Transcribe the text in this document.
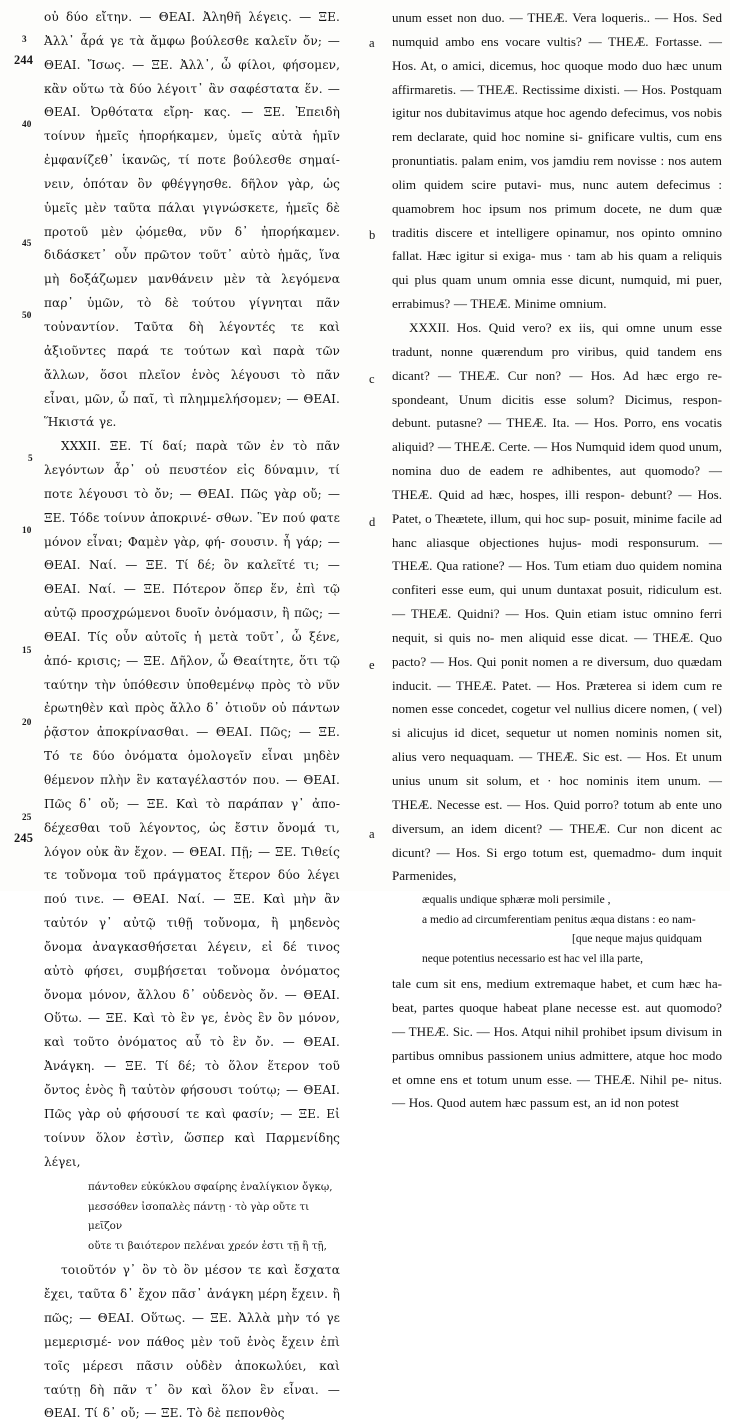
οὐ δύο εἴτην. — ΘΕΑΙ. Ἀληθῆ λέγεις. — ΞΕ. Ἀλλ᾽ ἆρά γε τὰ ἄμφω βούλεσθε καλεῖν ὄν; — ΘΕΑΙ. Ἴσως. — ΞΕ. Ἀλλ᾽, ὦ φίλοι, φήσομεν, κἂν οὕτω τὰ δύο λέγοιτ᾽ ἂν σαφέστατα ἕν. — ΘΕΑΙ. Ὀρθότατα εἴρη- κας. — ΞΕ. Ἐπειδὴ τοίνυν ἡμεῖς ἠπορήκαμεν, ὑμεῖς αὐτὰ ἡμῖν ἐμφανίζεθ᾽ ἱκανῶς, τί ποτε βούλεσθε σημαί- νειν, ὁπόταν ὂν φθέγγησθε. δῆλον γὰρ, ὡς ὑμεῖς μὲν ταῦτα πάλαι γιγνώσκετε, ἡμεῖς δὲ προτοῦ μὲν ᾠόμεθα, νῦν δ᾽ ἠπορήκαμεν. διδάσκετ᾽ οὖν πρῶτον τοῦτ᾽ αὐτὸ ἡμᾶς, ἵνα μὴ δοξάζωμεν μανθάνειν μὲν τὰ λεγόμενα παρ᾽ ὑμῶν, τὸ δὲ τούτου γίγνηται πᾶν τοὐναντίον. Ταῦτα δὴ λέγοντές τε καὶ ἀξιοῦντες παρά τε τούτων καὶ παρὰ τῶν ἄλλων, ὅσοι πλεῖον ἑνὸς λέγουσι τὸ πᾶν εἶναι, μῶν, ὦ παῖ, τὶ πλημμελήσομεν; — ΘΕΑΙ. Ἥκιστά γε.

XXXII. ΞΕ. Τί δαί; παρὰ τῶν ἐν τὸ πᾶν λεγόντων ἆρ᾽ οὐ πευστέον εἰς δύναμιν, τί ποτε λέγουσι τὸ ὄν; — ΘΕΑΙ. Πῶς γὰρ οὔ; — ΞΕ. Τόδε τοίνυν ἀποκρινέ- σθων. Ἓν πού φατε μόνον εἶναι; Φαμὲν γὰρ, φή- σουσιν. ἦ γάρ; — ΘΕΑΙ. Ναί. — ΞΕ. Τί δέ; ὂν καλεῖτέ τι; — ΘΕΑΙ. Ναί. — ΞΕ. Πότερον ὅπερ ἕν, ἐπὶ τῷ αὐτῷ προσχρώμενοι δυοῖν ὀνόμασιν, ἢ πῶς; — ΘΕΑΙ. Τίς οὖν αὐτοῖς ἡ μετὰ τοῦτ᾽, ὦ ξένε, ἀπό- κρισις; — ΞΕ. Δῆλον, ὦ Θεαίτητε, ὅτι τῷ ταύτην τὴν ὑπόθεσιν ὑποθεμένῳ πρὸς τὸ νῦν ἐρωτηθὲν καὶ πρὸς ἄλλο δ᾽ ὁτιοῦν οὐ πάντων ῥᾷστον ἀποκρίνασθαι. — ΘΕΑΙ. Πῶς; — ΞΕ. Τό τε δύο ὀνόματα ὁμολογεῖν εἶναι μηδὲν θέμενον πλὴν ἓν καταγέλαστόν που. — ΘΕΑΙ. Πῶς δ᾽ οὔ; — ΞΕ. Καὶ τὸ παράπαν γ᾽ ἀπο- δέχεσθαι τοῦ λέγοντος, ὡς ἔστιν ὄνομά τι, λόγον οὐκ ἂν ἔχον. — ΘΕΑΙ. Πῇ; — ΞΕ. Τιθείς τε τοὔνομα τοῦ πράγματος ἕτερον δύο λέγει πού τινε. — ΘΕΑΙ. Ναί. — ΞΕ. Καὶ μὴν ἂν ταὐτόν γ᾽ αὐτῷ τιθῇ τοὔνομα, ἢ μηδενὸς ὄνομα ἀναγκασθήσεται λέγειν, εἰ δέ τινος αὐτὸ φήσει, συμβήσεται τοὔνομα ὀνόματος ὄνομα μόνον, ἄλλου δ᾽ οὐδενὸς ὄν. — ΘΕΑΙ. Οὕτω. — ΞΕ. Καὶ τὸ ἓν γε, ἑνὸς ἓν ὂν μόνον, καὶ τοῦτο ὀνόματος αὖ τὸ ἓν ὄν. — ΘΕΑΙ. Ἀνάγκη. — ΞΕ. Τί δέ; τὸ ὅλον ἕτερον τοῦ ὄντος ἑνὸς ἢ ταὐτὸν φήσουσι τούτῳ; — ΘΕΑΙ. Πῶς γὰρ οὐ φήσουσί τε καὶ φασίν; — ΞΕ. Εἰ τοίνυν ὅλον ἐστὶν, ὥσπερ καὶ Παρμενίδης λέγει,

πάντοθεν εὐκύκλου σφαίρης ἐναλίγκιον ὄγκῳ,
μεσσόθεν ἰσοπαλὲς πάντῃ · τὸ γὰρ οὔτε τι μεῖζον
οὔτε τι βαιότερον πελέναι χρεόν ἐστι τῇ ἢ τῇ,

τοιοῦτόν γ᾽ ὂν τὸ ὂν μέσον τε καὶ ἔσχατα ἔχει, ταῦτα δ᾽ ἔχον πᾶσ᾽ ἀνάγκη μέρη ἔχειν. ἢ πῶς; — ΘΕΑΙ. Οὕτως. — ΞΕ. Ἀλλὰ μὴν τό γε μεμερισμέ- νον πάθος μὲν τοῦ ἑνὸς ἔχειν ἐπὶ τοῖς μέρεσι πᾶσιν οὐδὲν ἀποκωλύει, καὶ ταύτῃ δὴ πᾶν τ᾽ ὂν καὶ ὅλον ἓν εἶναι. — ΘΕΑΙ. Τί δ᾽ οὔ; — ΞΕ. Τὸ δὲ πεπονθὸς

unum esset non duo. — THEÆ. Vera loqueris.. — Hos. Sed numquid ambo ens vocare vultis? — THEÆ. Fortasse. — Hos. At, o amici, dicemus, hoc quoque modo duo hæc unum affirmaretis. — THEÆ. Rectissime dixisti. — Hos. Postquam igitur nos dubitavimus atque hoc agendo defecimus, vos nobis rem declarate, quid hoc nomine si- gnificare vultis, cum ens pronuntiatis. palam enim, vos jamdiu rem novisse : nos autem olim quidem scire putavi- mus, nunc autem defecimus : quamobrem hoc ipsum nos primum docete, ne dum quæ traditis discere et intelligere opinamur, nos opinto omnino fallat. Hæc igitur si exiga- mus · tam ab his quam a reliquis qui plus quam unum omnia esse dicunt, numquid, mi puer, errabimus? — THEÆ. Minime omnium.

XXXII. Hos. Quid vero? ex iis, qui omne unum esse tradunt, nonne quærendum pro viribus, quid tandem ens dicant? — THEÆ. Cur non? — Hos. Ad hæc ergo re- spondeant, Unum dicitis esse solum? Dicimus, respon- debunt. putasne? — THEÆ. Ita. — Hos. Porro, ens vocatis aliquid? — THEÆ. Certe. — Hos Numquid idem quod unum, nomina duo de eadem re adhibentes, aut quomodo? — THEÆ. Quid ad hæc, hospes, illi respon- debunt? — Hos. Patet, o Theætete, illum, qui hoc sup- posuit, minime facile ad hanc aliasque objectiones hujus- modi responsurum. — THEÆ. Qua ratione? — Hos. Tum etiam duo quidem nomina confiteri esse eum, qui unum duntaxat posuit, ridiculum est. — THEÆ. Quidni? — Hos. Quin etiam istuc omnino ferri nequit, si quis no- men aliquid esse dicat. — THEÆ. Quo pacto? — Hos. Qui ponit nomen a re diversum, duo quædam inducit. — THEÆ. Patet. — Hos. Præterea si idem cum re nomen esse concedet, cogetur vel nullius dicere nomen, ( vel) si alicujus id dicet, sequetur ut nomen nominis nomen sit, alius vero nequaquam. — THEÆ. Sic est. — Hos. Et unum unius unum sit solum, et · hoc nominis item unum. — THEÆ. Necesse est. — Hos. Quid porro? totum ab ente uno diversum, an idem dicent? — THEÆ. Cur non dicent ac dicunt? — Hos. Si ergo totum est, quemadmo- dum inquit Parmenides,

æqualis undique sphæræ moli persimile ,
a medio ad circumferentiam penitus æqua distans : eo nam-
[que neque majus quidquam
neque potentius necessario est hac vel illa parte,

tale cum sit ens, medium extremaque habet, et cum hæc ha- beat, partes quoque habeat plane necesse est. aut quomodo? — THEÆ. Sic. — Hos. Atqui nihil prohibet ipsum divisum in partibus omnibus passionem unius admittere, atque hoc modo et omne ens et totum unum esse. — THEÆ. Nihil pe- nitus. — Hos. Quod autem hæc passum est, an id non potest

3
244
40
45
50
5
10
15
20
25
245
a
b
c
d
e
a
